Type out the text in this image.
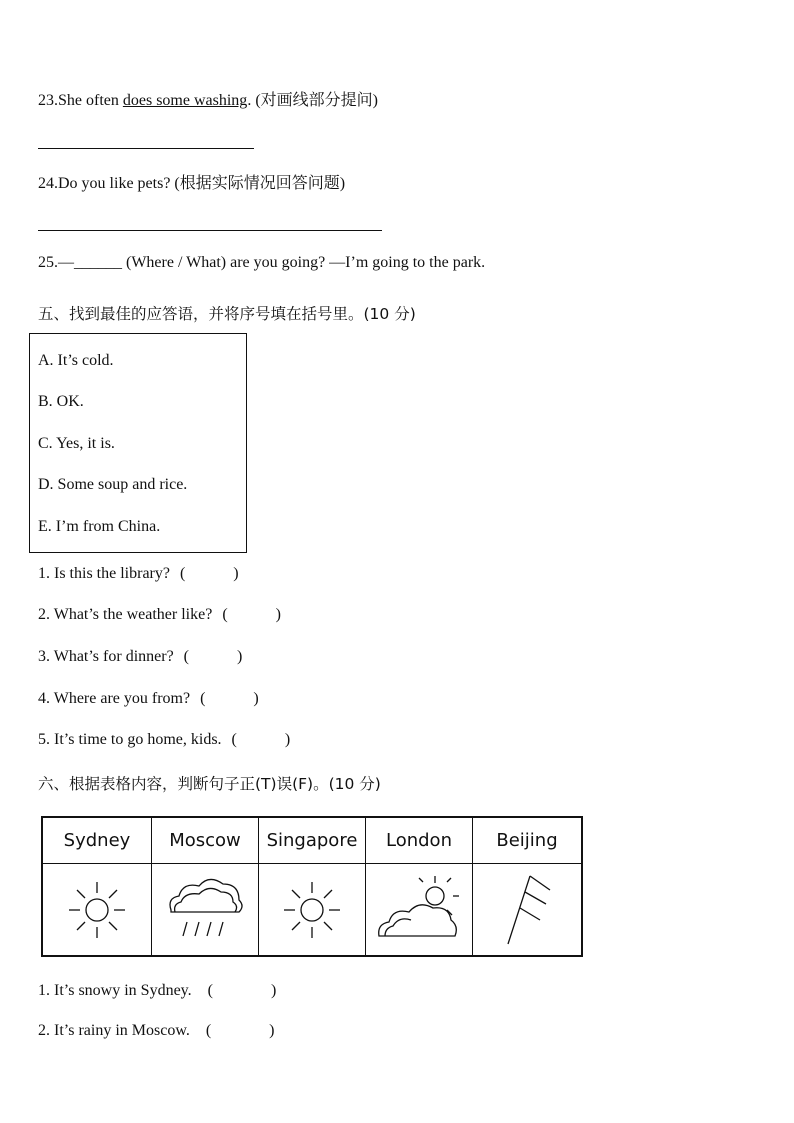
23.She often does some washing. (对画线部分提问)
24.Do you like pets? (根据实际情况回答问题)
25.—______ (Where / What) are you going? —I’m going to the park.
五、找到最佳的应答语，并将序号填在括号里。(10 分)
A. It’s cold.
B. OK.
C. Yes, it is.
D. Some soup and rice.
E. I’m from China.
1. Is this the library? (	)
2. What’s the weather like? (	)
3. What’s for dinner? (	)
4. Where are you from? (	)
5. It’s time to go home, kids. (	)
六、根据表格内容，判断句子正(T)误(F)。(10 分)
Sydney	Moscow	Singapore	London	Beijing

1. It’s snowy in Sydney. (	)
2. It’s rainy in Moscow. (	)
